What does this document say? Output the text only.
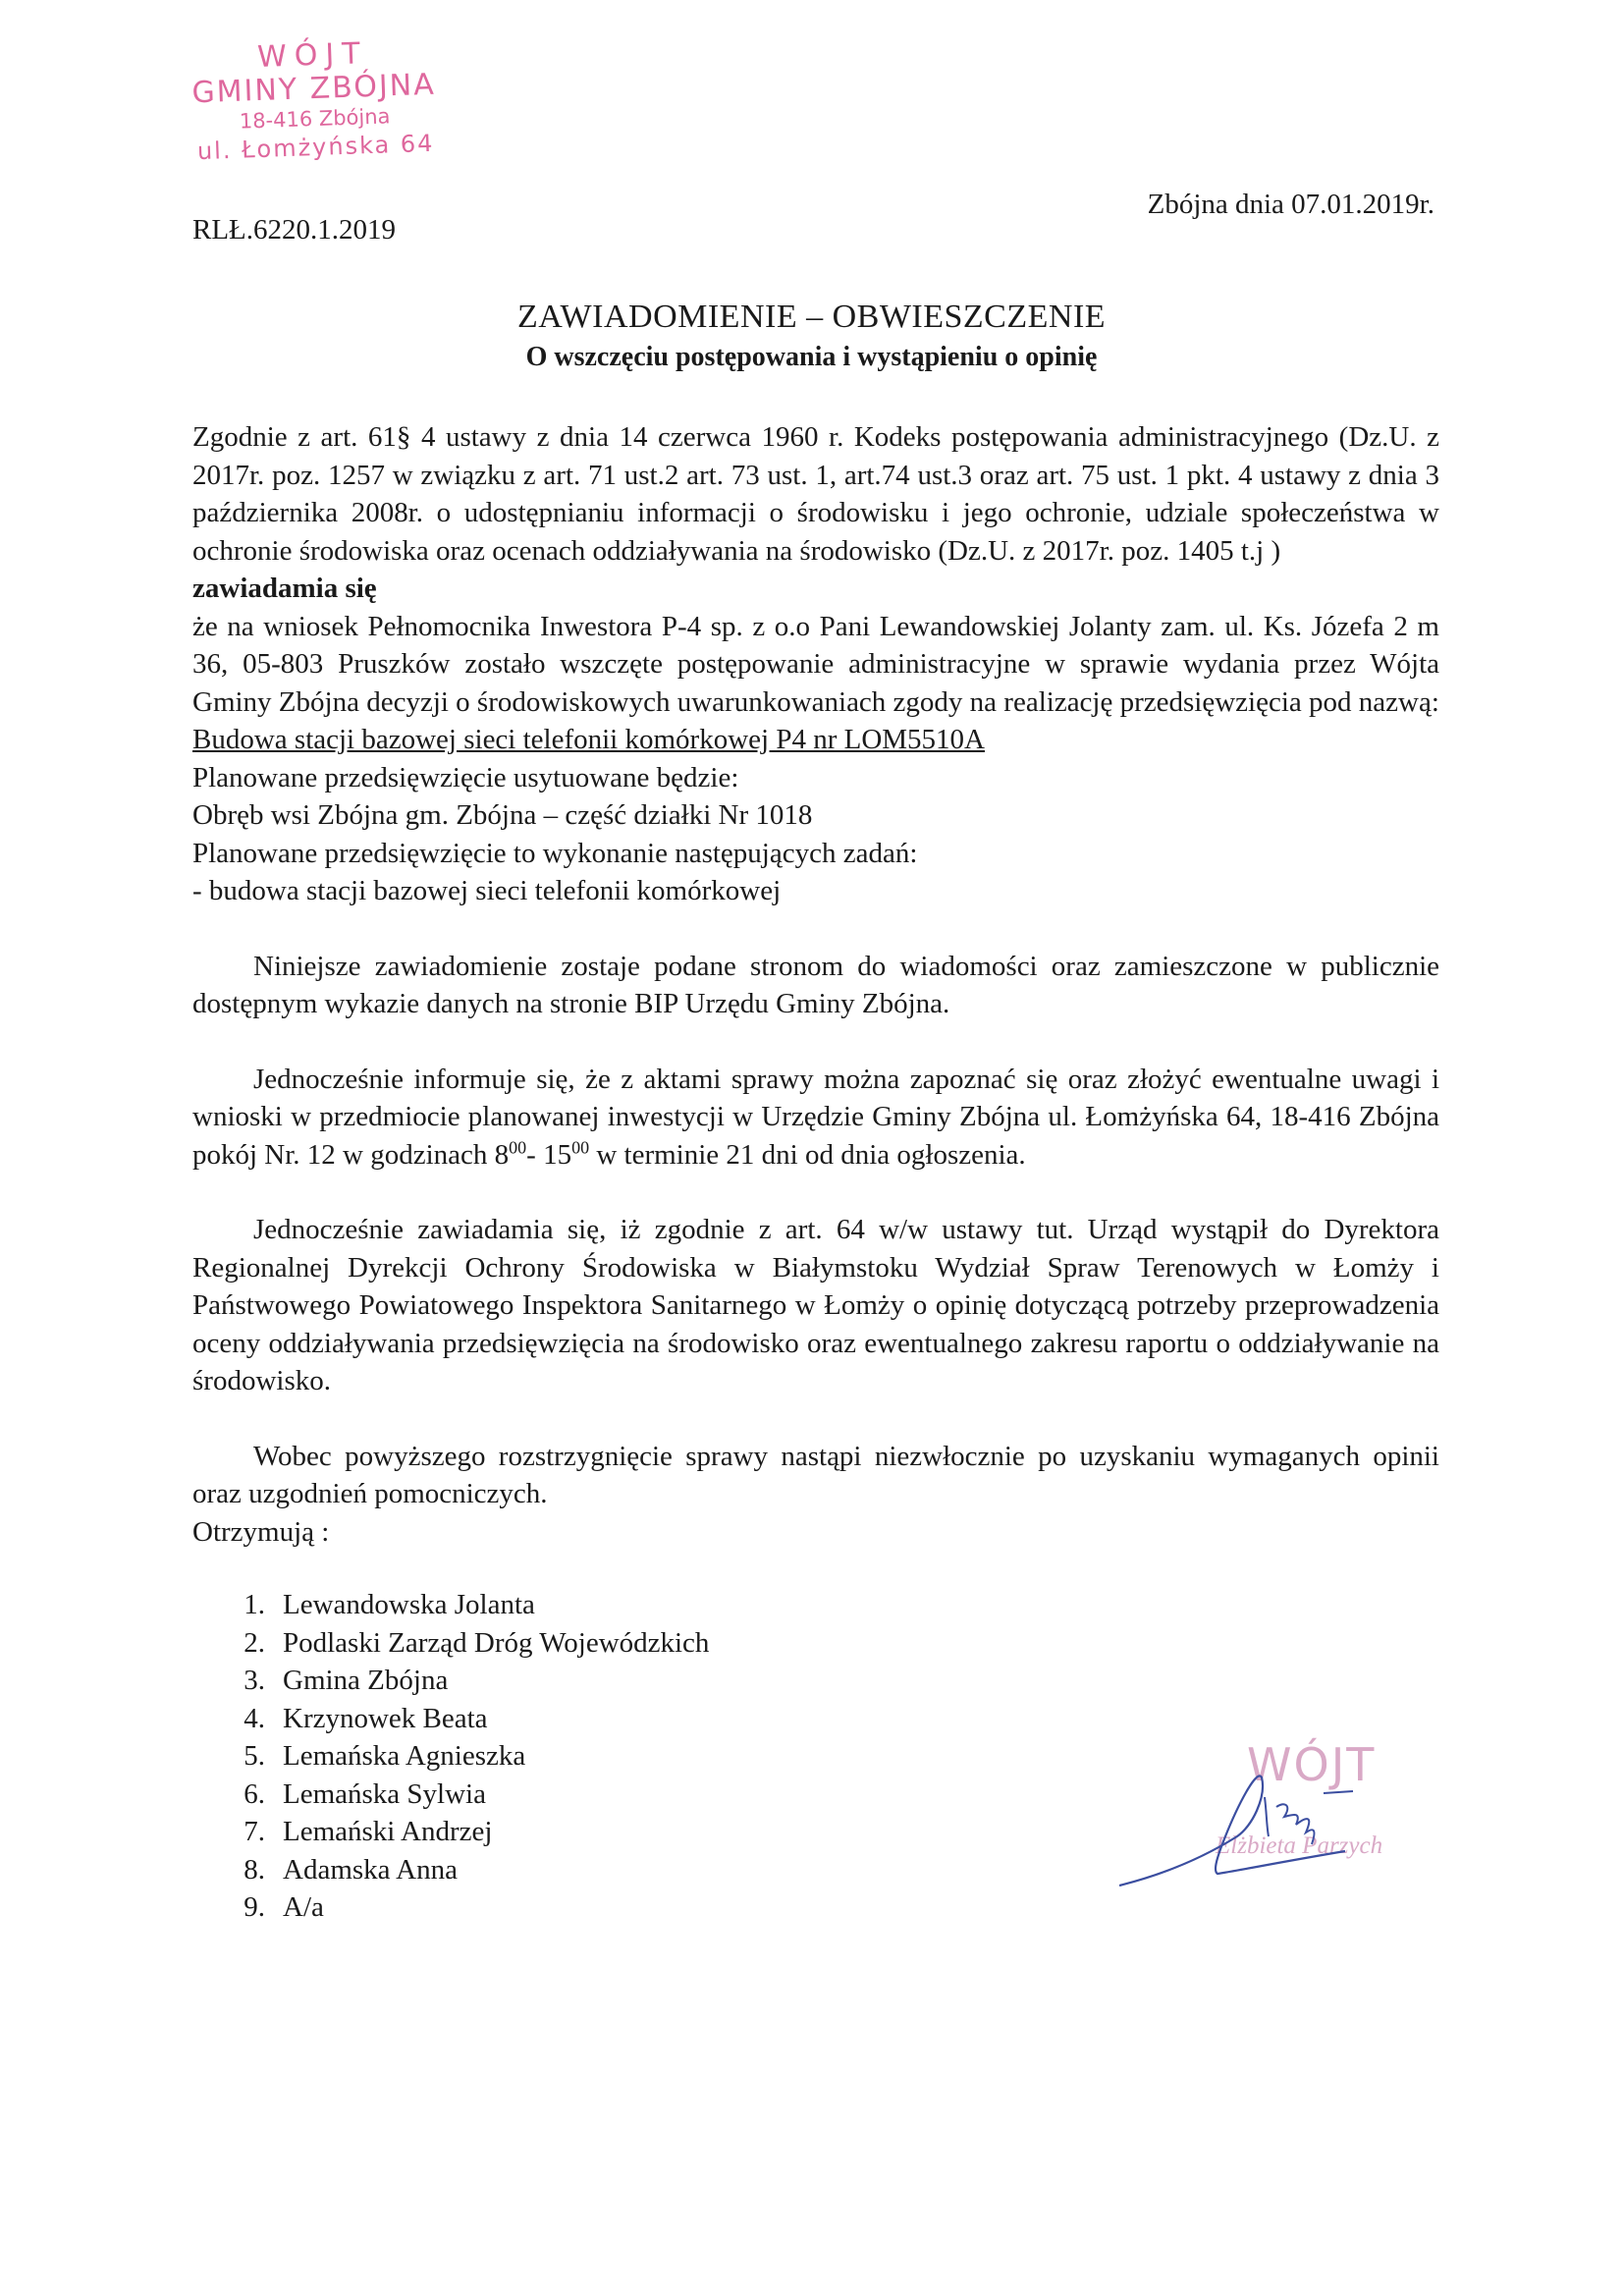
WÓJT
GMINY ZBÓJNA
18-416 Zbójna
ul. Łomżyńska 64
Zbójna dnia 07.01.2019r.
RLŁ.6220.1.2019
ZAWIADOMIENIE – OBWIESZCZENIE
O wszczęciu postępowania i wystąpieniu o opinię

Zgodnie z art. 61§ 4 ustawy z dnia 14 czerwca 1960 r. Kodeks postępowania administracyjnego (Dz.U. z 2017r. poz. 1257 w związku z art. 71 ust.2 art. 73 ust. 1, art.74 ust.3 oraz art. 75 ust. 1 pkt. 4 ustawy z dnia 3 października 2008r. o udostępnianiu informacji o środowisku i jego ochronie, udziale społeczeństwa w ochronie środowiska oraz ocenach oddziaływania na środowisko (Dz.U. z 2017r. poz. 1405 t.j )

zawiadamia się

że na wniosek Pełnomocnika Inwestora P-4 sp. z o.o Pani Lewandowskiej Jolanty zam. ul. Ks. Józefa 2 m 36, 05-803 Pruszków zostało wszczęte postępowanie administracyjne w sprawie wydania przez Wójta Gminy Zbójna decyzji o środowiskowych uwarunkowaniach zgody na realizację przedsięwzięcia pod nazwą:

Budowa stacji bazowej sieci telefonii komórkowej P4 nr LOM5510A

Planowane przedsięwzięcie usytuowane będzie:

Obręb wsi Zbójna gm. Zbójna – część działki Nr 1018

Planowane przedsięwzięcie to wykonanie następujących zadań:

- budowa stacji bazowej sieci telefonii komórkowej

Niniejsze zawiadomienie zostaje podane stronom do wiadomości oraz zamieszczone w publicznie dostępnym wykazie danych na stronie BIP Urzędu Gminy Zbójna.

Jednocześnie informuje się, że z aktami sprawy można zapoznać się oraz złożyć ewentualne uwagi i wnioski w przedmiocie planowanej inwestycji w Urzędzie Gminy Zbójna ul. Łomżyńska 64, 18-416 Zbójna pokój Nr. 12 w godzinach $8^{00}-$ $15^{00}$ w terminie 21 dni od dnia ogłoszenia.

Jednocześnie zawiadamia się, iż zgodnie z art. 64 w/w ustawy tut. Urząd wystąpił do Dyrektora Regionalnej Dyrekcji Ochrony Środowiska w Białymstoku Wydział Spraw Terenowych w Łomży i Państwowego Powiatowego Inspektora Sanitarnego w Łomży o opinię dotyczącą potrzeby przeprowadzenia oceny oddziaływania przedsięwzięcia na środowisko oraz ewentualnego zakresu raportu o oddziaływanie na środowisko.

Wobec powyższego rozstrzygnięcie sprawy nastąpi niezwłocznie po uzyskaniu wymaganych opinii oraz uzgodnień pomocniczych.

Otrzymują :

1. Lewandowska Jolanta
2. Podlaski Zarząd Dróg Wojewódzkich
3. Gmina Zbójna
4. Krzynowek Beata
5. Lemańska Agnieszka
6. Lemańska Sylwia
7. Lemański Andrzej
8. Adamska Anna
9. A/a
WÓJT
Elżbieta Parzych
